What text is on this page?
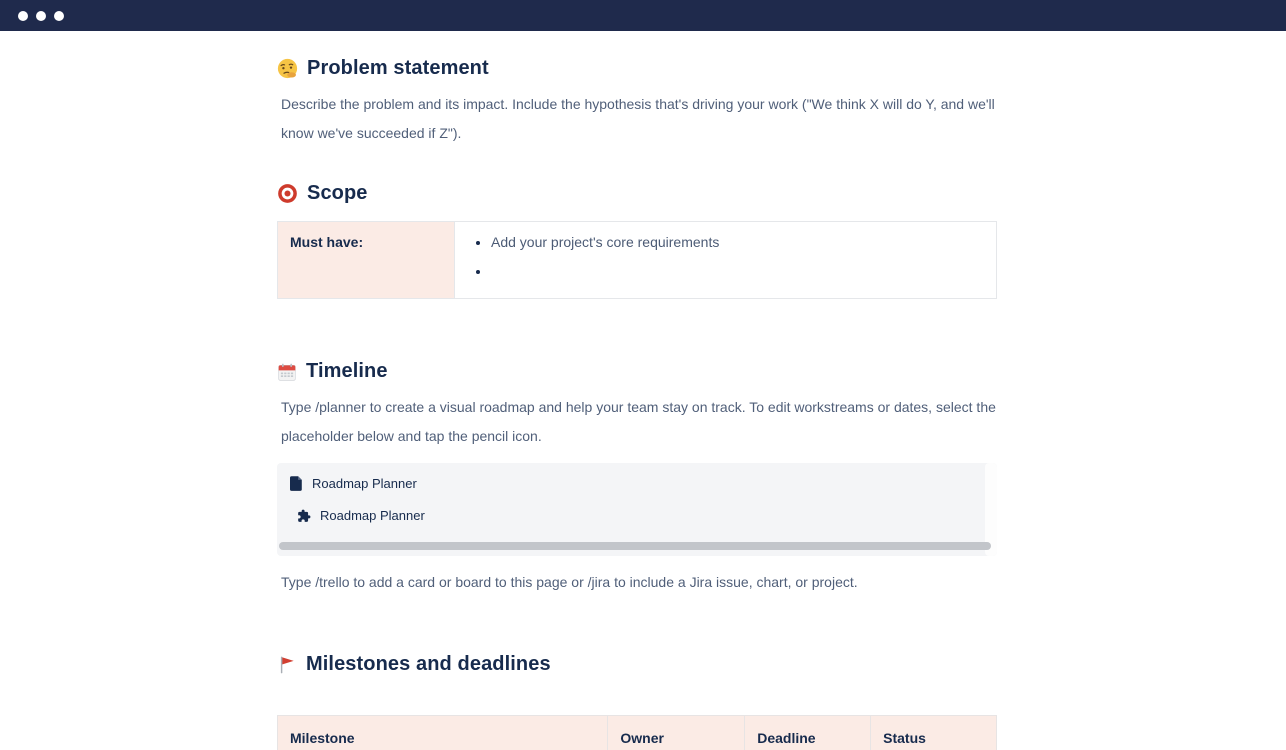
Problem statement

Describe the problem and its impact. Include the hypothesis that's driving your work ("We think X will do Y, and we'll know we've succeeded if Z").

Scope
Must have:	
•Add your project's core requirements
•
Timeline

Type /planner to create a visual roadmap and help your team stay on track. To edit workstreams or dates, select the placeholder below and tap the pencil icon.

Roadmap Planner
Roadmap Planner

Type /trello to add a card or board to this page or /jira to include a Jira issue, chart, or project.

Milestones and deadlines
Milestone	Owner	Deadline	Status
